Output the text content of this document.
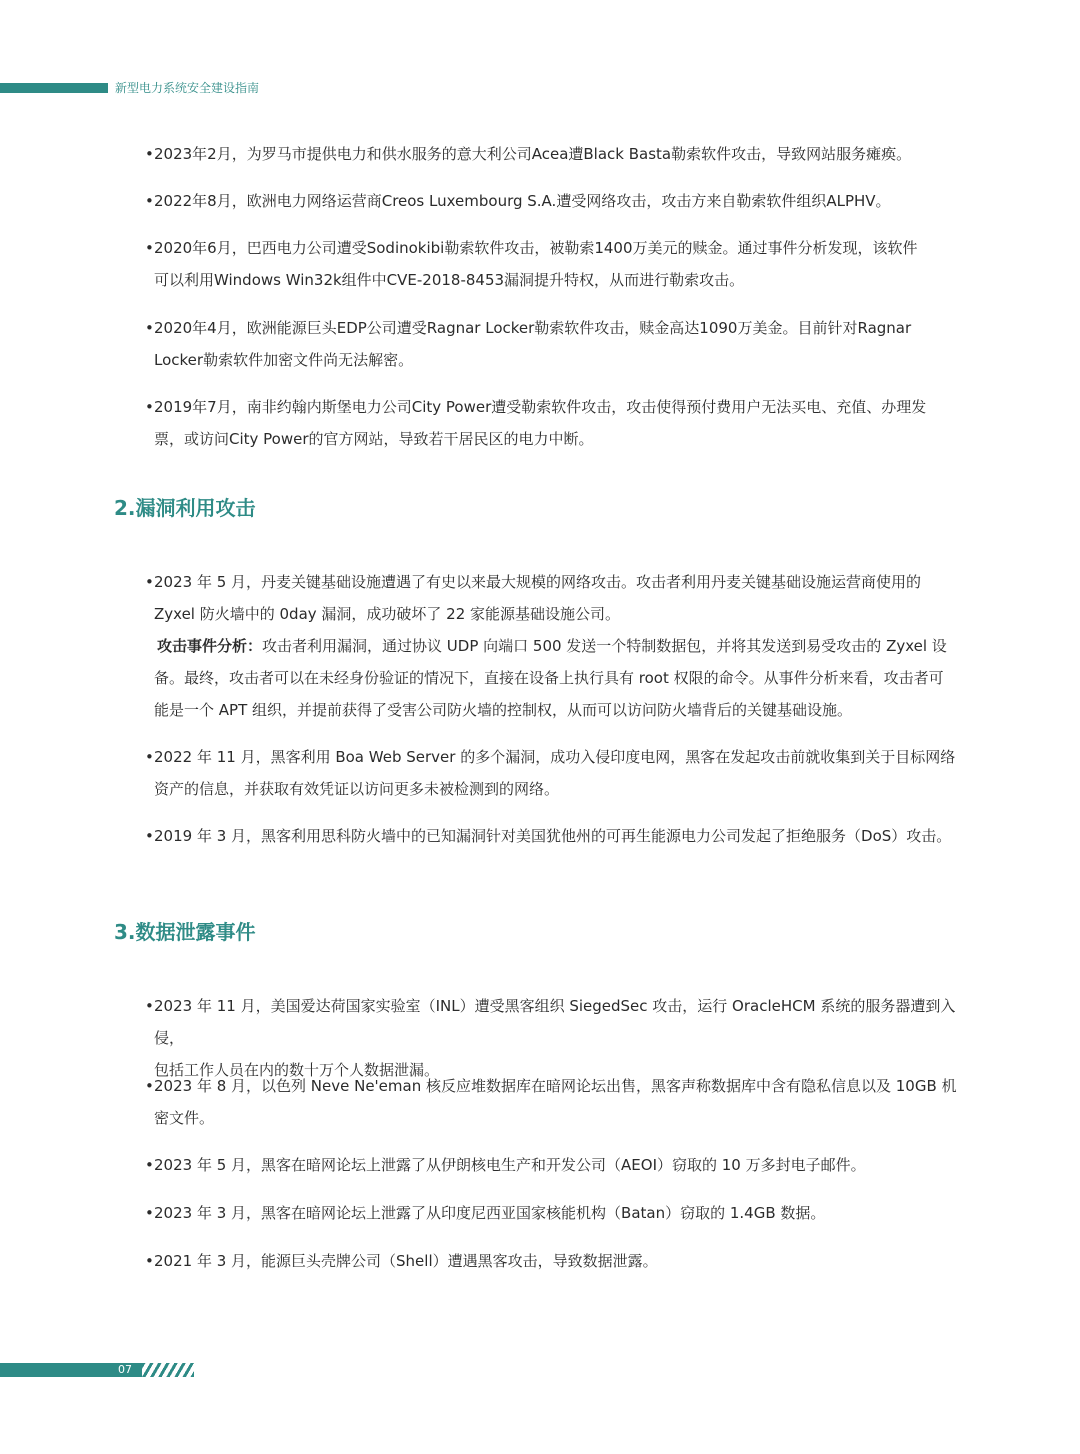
新型电力系统安全建设指南
• 2023年2月，为罗马市提供电力和供水服务的意大利公司Acea遭Black Basta勒索软件攻击，导致网站服务瘫痪。

• 2022年8月，欧洲电力网络运营商Creos Luxembourg S.A.遭受网络攻击，攻击方来自勒索软件组织ALPHV。

• 2020年6月，巴西电力公司遭受Sodinokibi勒索软件攻击，被勒索1400万美元的赎金。通过事件分析发现，该软件

可以利用Windows Win32k组件中CVE-2018-8453漏洞提升特权，从而进行勒索攻击。

• 2020年4月，欧洲能源巨头EDP公司遭受Ragnar Locker勒索软件攻击，赎金高达1090万美金。目前针对Ragnar

Locker勒索软件加密文件尚无法解密。

• 2019年7月，南非约翰内斯堡电力公司City Power遭受勒索软件攻击，攻击使得预付费用户无法买电、充值、办理发

票，或访问City Power的官方网站，导致若干居民区的电力中断。

2.漏洞利用攻击
• 2023 年 5 月，丹麦关键基础设施遭遇了有史以来最大规模的网络攻击。攻击者利用丹麦关键基础设施运营商使用的

Zyxel 防火墙中的 0day 漏洞，成功破坏了 22 家能源基础设施公司。

攻击事件分析：攻击者利用漏洞，通过协议 UDP 向端口 500 发送一个特制数据包，并将其发送到易受攻击的 Zyxel 设

备。最终，攻击者可以在未经身份验证的情况下，直接在设备上执行具有 root 权限的命令。从事件分析来看，攻击者可

能是一个 APT 组织，并提前获得了受害公司防火墙的控制权，从而可以访问防火墙背后的关键基础设施。

• 2022 年 11 月，黑客利用 Boa Web Server 的多个漏洞，成功入侵印度电网，黑客在发起攻击前就收集到关于目标网络

资产的信息，并获取有效凭证以访问更多未被检测到的网络。

• 2019 年 3 月，黑客利用思科防火墙中的已知漏洞针对美国犹他州的可再生能源电力公司发起了拒绝服务（DoS）攻击。

3.数据泄露事件
• 2023 年 11 月，美国爱达荷国家实验室（INL）遭受黑客组织 SiegedSec 攻击，运行 OracleHCM 系统的服务器遭到入侵，

包括工作人员在内的数十万个人数据泄漏。

• 2023 年 8 月，以色列 Neve Ne'eman 核反应堆数据库在暗网论坛出售，黑客声称数据库中含有隐私信息以及 10GB 机

密文件。

• 2023 年 5 月，黑客在暗网论坛上泄露了从伊朗核电生产和开发公司（AEOI）窃取的 10 万多封电子邮件。

• 2023 年 3 月，黑客在暗网论坛上泄露了从印度尼西亚国家核能机构（Batan）窃取的 1.4GB 数据。

• 2021 年 3 月，能源巨头壳牌公司（Shell）遭遇黑客攻击，导致数据泄露。

07
